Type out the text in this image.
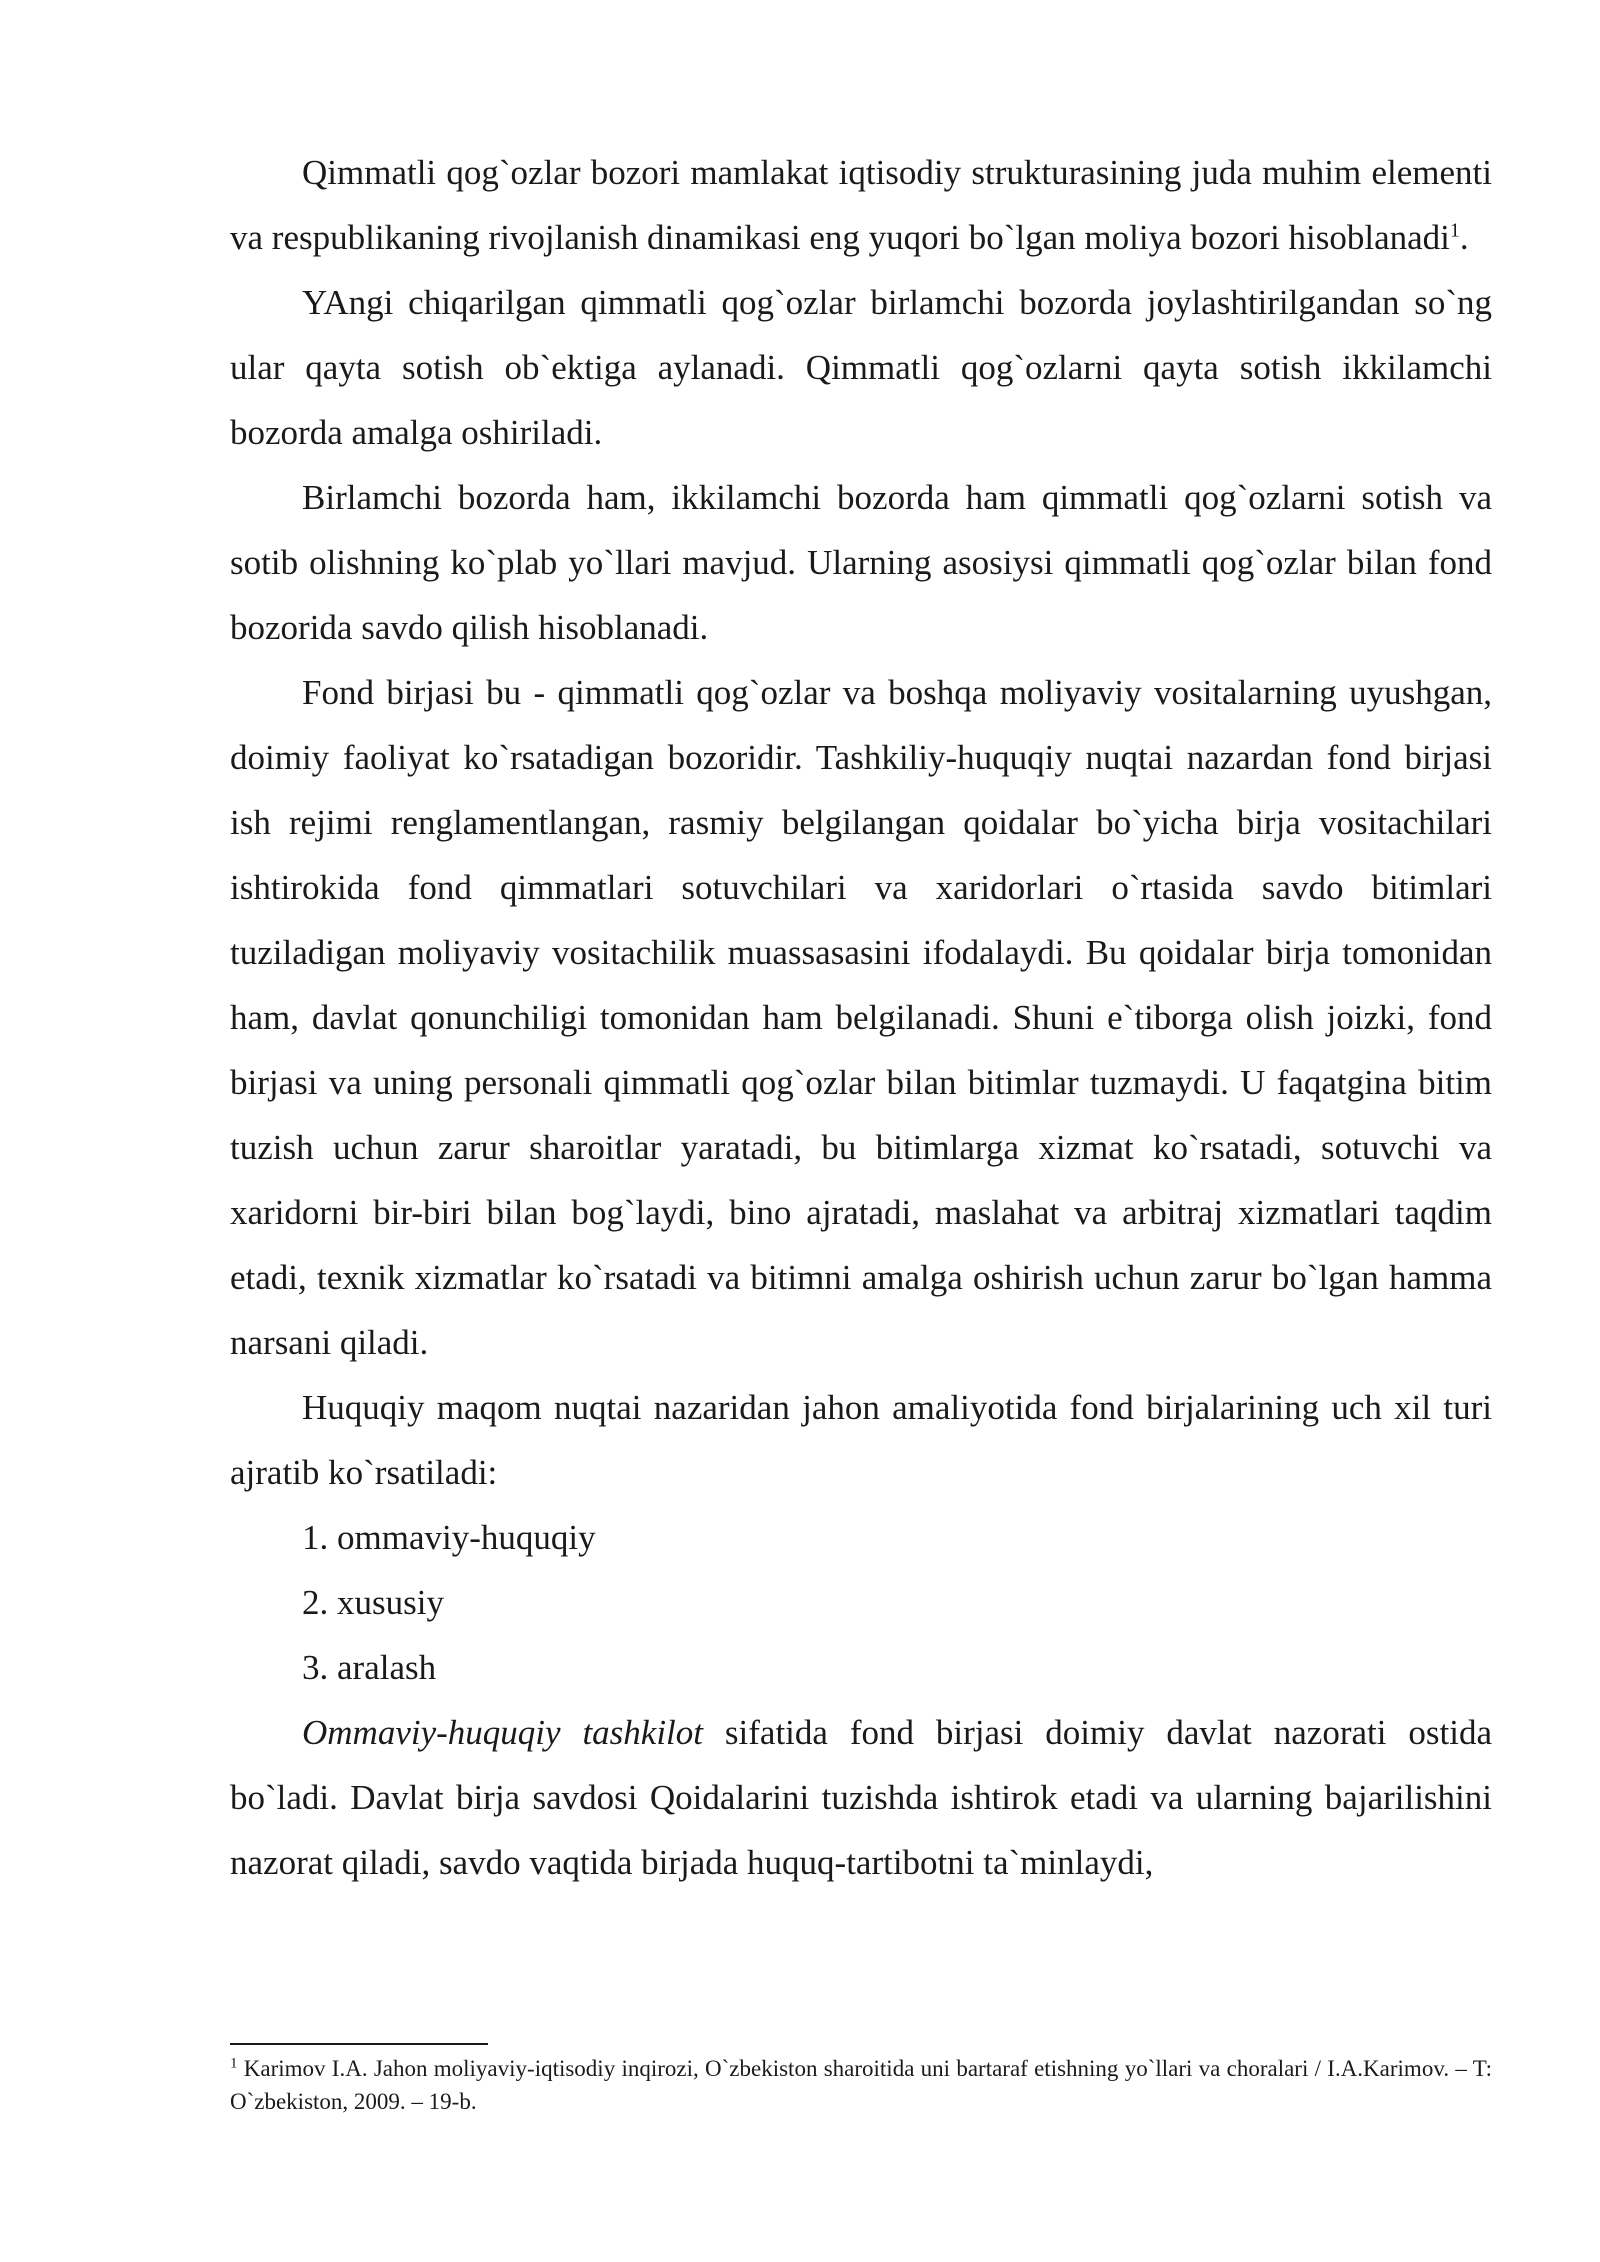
Qimmatli qog`ozlar bozori mamlakat iqtisodiy strukturasining juda muhim elementi va respublikaning rivojlanish dinamikasi eng yuqori bo`lgan moliya bozori hisoblanadi$^1$.

YAngi chiqarilgan qimmatli qog`ozlar birlamchi bozorda joylashtirilgandan so`ng ular qayta sotish ob`ektiga aylanadi. Qimmatli qog`ozlarni qayta sotish ikkilamchi bozorda amalga oshiriladi.

Birlamchi bozorda ham, ikkilamchi bozorda ham qimmatli qog`ozlarni sotish va sotib olishning ko`plab yo`llari mavjud. Ularning asosiysi qimmatli qog`ozlar bilan fond bozorida savdo qilish hisoblanadi.

Fond birjasi bu - qimmatli qog`ozlar va boshqa moliyaviy vositalarning uyushgan, doimiy faoliyat ko`rsatadigan bozoridir. Tashkiliy-huquqiy nuqtai nazardan fond birjasi ish rejimi renglamentlangan, rasmiy belgilangan qoidalar bo`yicha birja vositachilari ishtirokida fond qimmatlari sotuvchilari va xaridorlari o`rtasida savdo bitimlari tuziladigan moliyaviy vositachilik muassasasini ifodalaydi. Bu qoidalar birja tomonidan ham, davlat qonunchiligi tomonidan ham belgilanadi. Shuni e`tiborga olish joizki, fond birjasi va uning personali qimmatli qog`ozlar bilan bitimlar tuzmaydi. U faqatgina bitim tuzish uchun zarur sharoitlar yaratadi, bu bitimlarga xizmat ko`rsatadi, sotuvchi va xaridorni bir-biri bilan bog`laydi, bino ajratadi, maslahat va arbitraj xizmatlari taqdim etadi, texnik xizmatlar ko`rsatadi va bitimni amalga oshirish uchun zarur bo`lgan hamma narsani qiladi.

Huquqiy maqom nuqtai nazaridan jahon amaliyotida fond birjalarining uch xil turi ajratib ko`rsatiladi:

1. ommaviy-huquqiy

2. xususiy

3. aralash

Ommaviy-huquqiy tashkilot sifatida fond birjasi doimiy davlat nazorati ostida bo`ladi. Davlat birja savdosi Qoidalarini tuzishda ishtirok etadi va ularning bajarilishini nazorat qiladi, savdo vaqtida birjada huquq-tartibotni ta`minlaydi,

$^1$ Karimov I.A. Jahon moliyaviy-iqtisodiy inqirozi, O`zbekiston sharoitida uni bartaraf etishning yo`llari va choralari / I.A.Karimov. – T: O`zbekiston, 2009. – 19-b.
